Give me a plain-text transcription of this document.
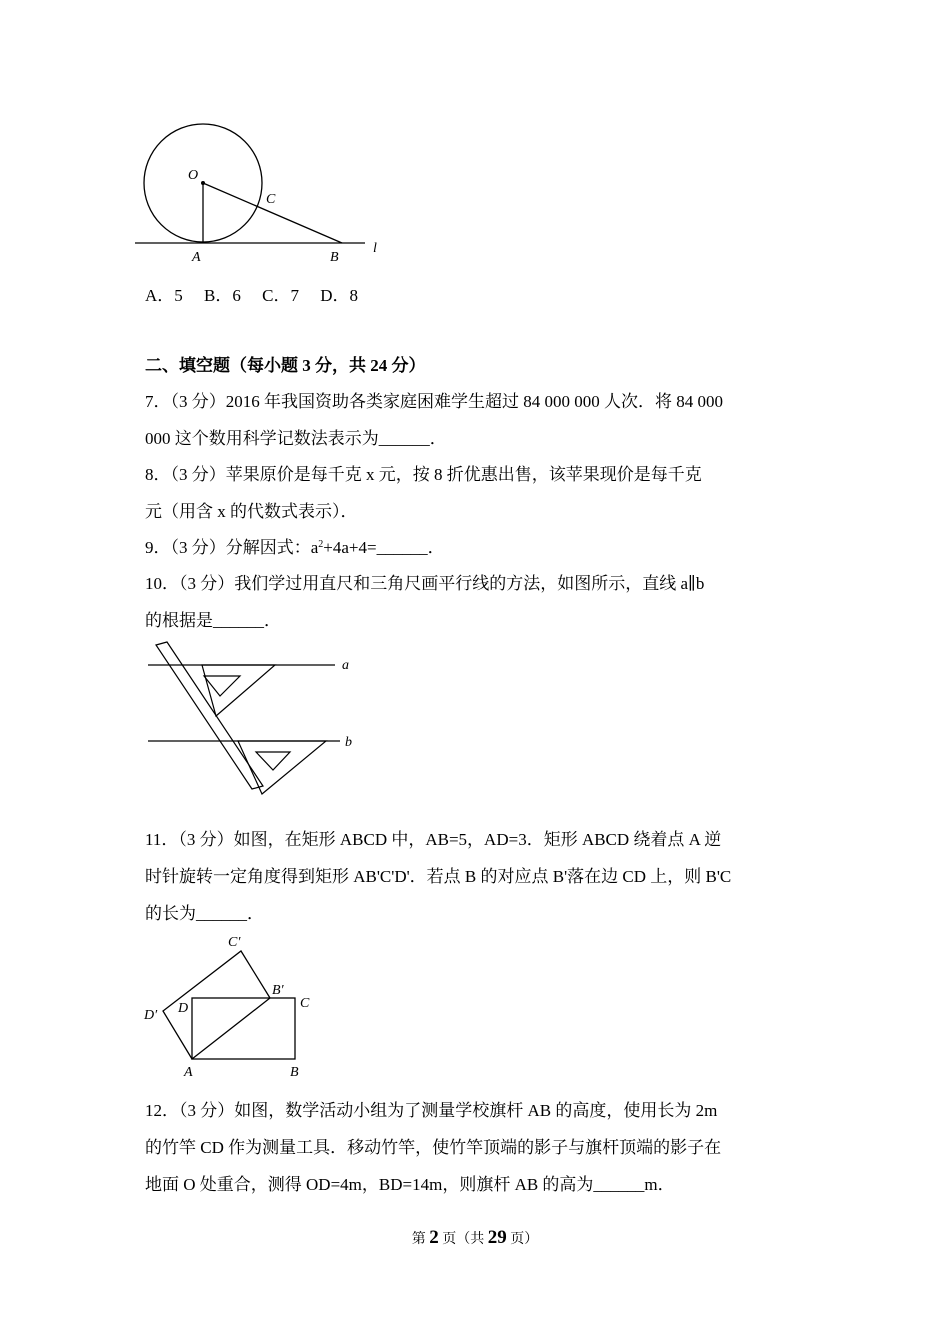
O
C
A	B
l
A．5　 B．6　 C．7　 D．8
二、填空题（每小题 3 分，共 24 分）
7．（3 分）2016 年我国资助各类家庭困难学生超过 84 000 000 人次．将 84 000
000 这个数用科学记数法表示为______．
8．（3 分）苹果原价是每千克 x 元，按 8 折优惠出售，该苹果现价是每千克
元（用含 x 的代数式表示）．
9．（3 分）分解因式：$a^2+4a+4=\_\_\_\_\_\_$．
10．（3 分）我们学过用直尺和三角尺画平行线的方法，如图所示，直线 a∥b
的根据是______．
a
b
11．（3 分）如图，在矩形 ABCD 中，AB=5，AD=3．矩形 ABCD 绕着点 A 逆
时针旋转一定角度得到矩形 AB'C'D'．若点 B 的对应点 B'落在边 CD 上，则 B'C
的长为______．
C′
B′
C
D′ D
A	B
12．（3 分）如图，数学活动小组为了测量学校旗杆 AB 的高度，使用长为 2m
的竹竿 CD 作为测量工具．移动竹竿，使竹竿顶端的影子与旗杆顶端的影子在
地面 O 处重合，测得 OD=4m，BD=14m，则旗杆 AB 的高为______m．
第 2 页（共 29 页）
